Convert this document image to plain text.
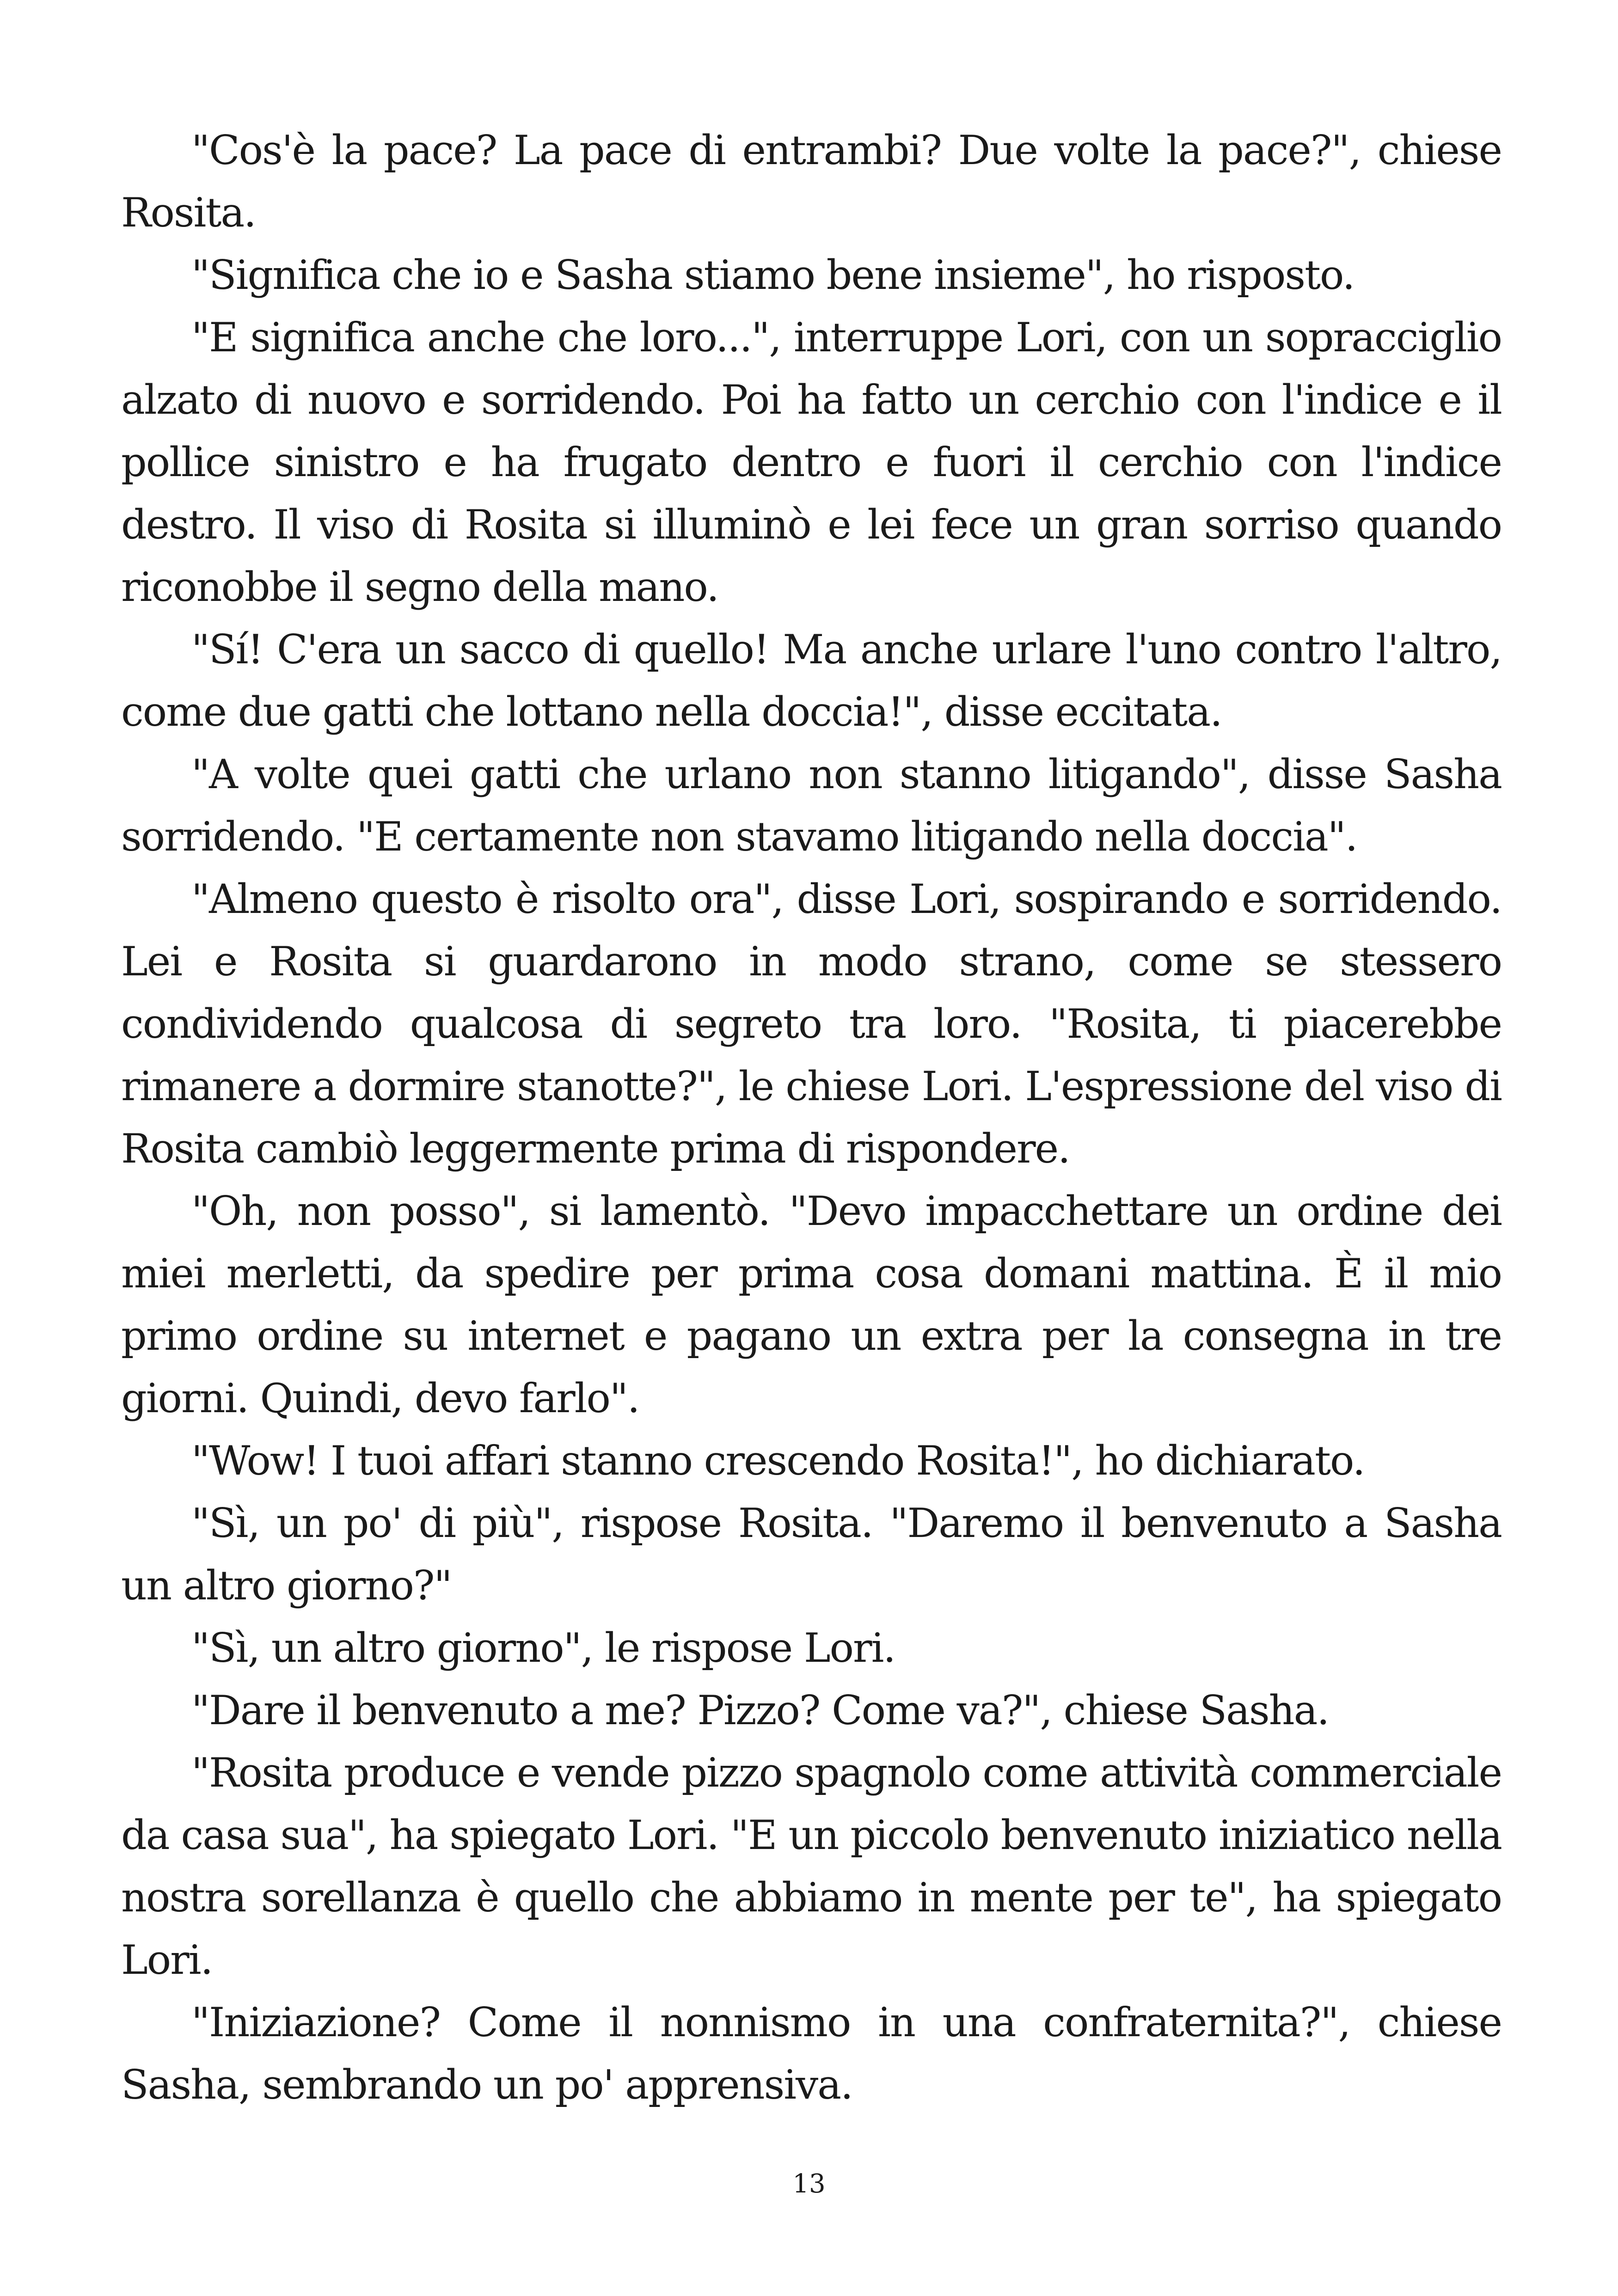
"Cos'è la pace? La pace di entrambi? Due volte la pace?", chiese Rosita.

"Significa che io e Sasha stiamo bene insieme", ho risposto.

"E significa anche che loro...", interruppe Lori, con un sopracciglio alzato di nuovo e sorridendo. Poi ha fatto un cerchio con l'indice e il pollice sinistro e ha frugato dentro e fuori il cerchio con l'indice destro. Il viso di Rosita si illuminò e lei fece un gran sorriso quando riconobbe il segno della mano.

"Sí! C'era un sacco di quello! Ma anche urlare l'uno contro l'altro, come due gatti che lottano nella doccia!", disse eccitata.

"A volte quei gatti che urlano non stanno litigando", disse Sasha sorridendo. "E certamente non stavamo litigando nella doccia".

"Almeno questo è risolto ora", disse Lori, sospirando e sorridendo. Lei e Rosita si guardarono in modo strano, come se stessero condividendo qualcosa di segreto tra loro. "Rosita, ti piacerebbe rimanere a dormire stanotte?", le chiese Lori. L'espressione del viso di Rosita cambiò leggermente prima di rispondere.

"Oh, non posso", si lamentò. "Devo impacchettare un ordine dei miei merletti, da spedire per prima cosa domani mattina. È il mio primo ordine su internet e pagano un extra per la consegna in tre giorni. Quindi, devo farlo".

"Wow! I tuoi affari stanno crescendo Rosita!", ho dichiarato.

"Sì, un po' di più", rispose Rosita. "Daremo il benvenuto a Sasha un altro giorno?"

"Sì, un altro giorno", le rispose Lori.

"Dare il benvenuto a me? Pizzo? Come va?", chiese Sasha.

"Rosita produce e vende pizzo spagnolo come attività commerciale da casa sua", ha spiegato Lori. "E un piccolo benvenuto iniziatico nella nostra sorellanza è quello che abbiamo in mente per te", ha spiegato Lori.

"Iniziazione? Come il nonnismo in una confraternita?", chiese Sasha, sembrando un po' apprensiva.

13
